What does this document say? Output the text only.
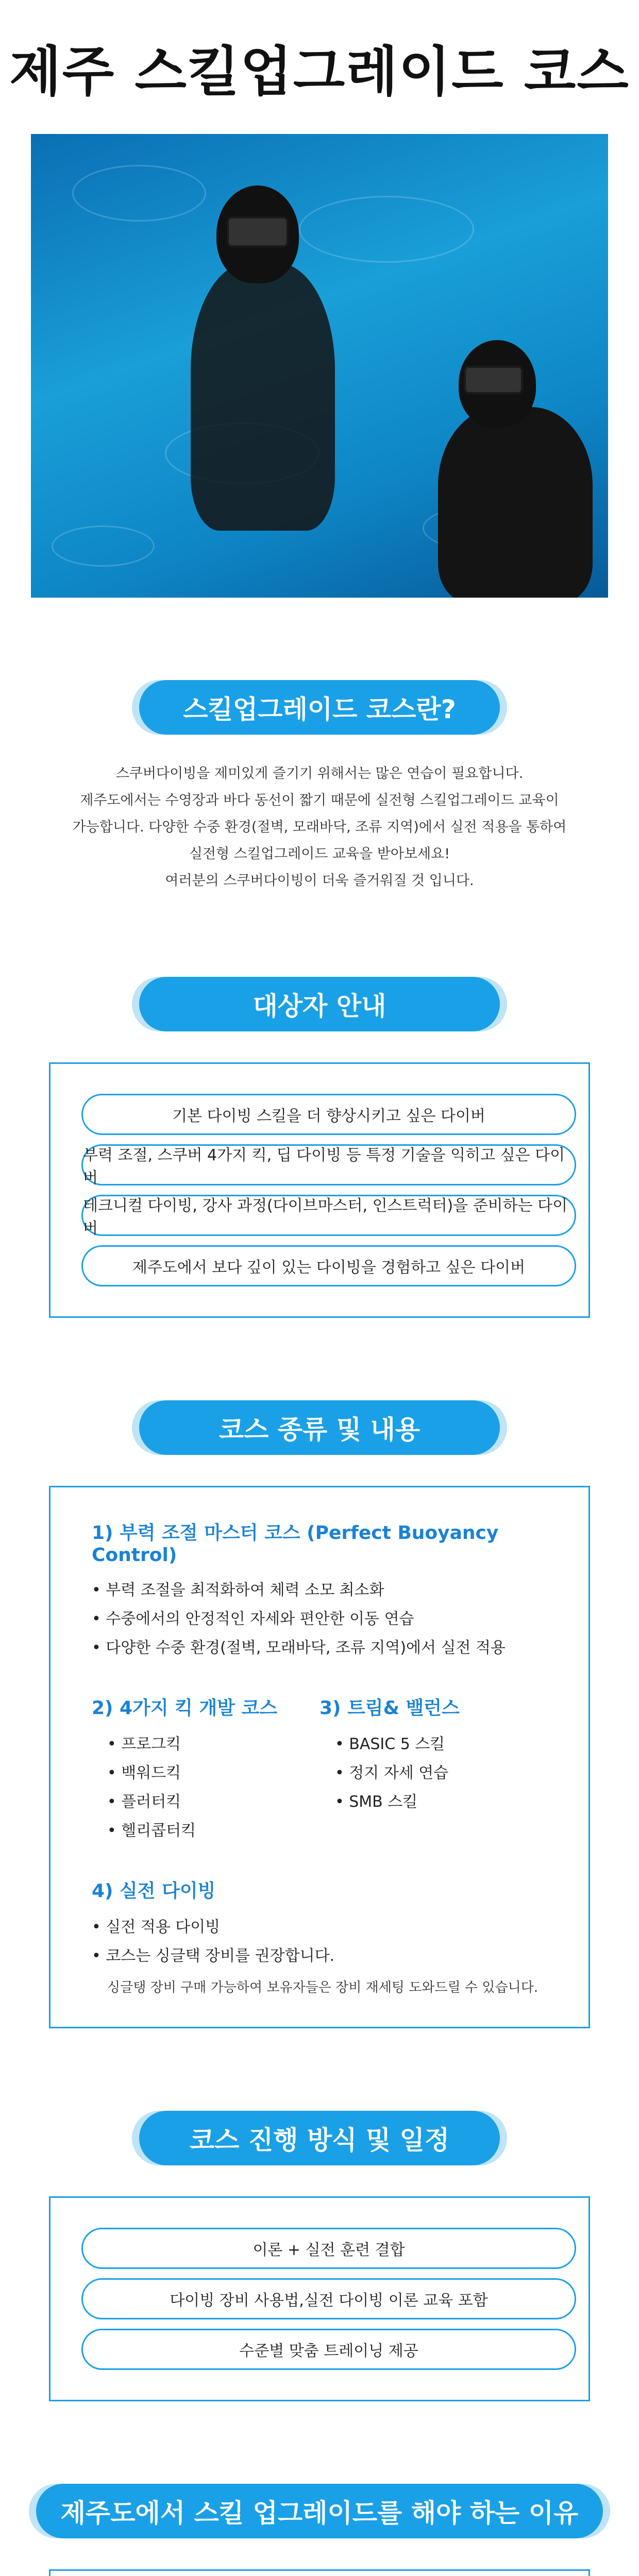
제주 스킬업그레이드 코스
스킬업그레이드 코스란?
스쿠버다이빙을 제미있게 즐기기 위해서는 많은 연습이 필요합니다.
제주도에서는 수영장과 바다 동선이 짧기 때문에 실전형 스킬업그레이드 교육이
가능합니다. 다양한 수중 환경(절벽, 모래바닥, 조류 지역)에서 실전 적용을 통하여
실전형 스킬업그레이드 교육을 받아보세요!
여러분의 스쿠버다이빙이 더욱 즐거워질 것 입니다.
대상자 안내
기본 다이빙 스킬을 더 향상시키고 싶은 다이버
부력 조절, 스쿠버 4가지 킥, 딥 다이빙 등 특정 기술을 익히고 싶은 다이버
테크니컬 다이빙, 강사 과정(다이브마스터, 인스트럭터)을 준비하는 다이버
제주도에서 보다 깊이 있는 다이빙을 경험하고 싶은 다이버
코스 종류 및 내용
1) 부력 조절 마스터 코스 (Perfect Buoyancy Control)
• 부력 조절을 최적화하여 체력 소모 최소화
• 수중에서의 안정적인 자세와 편안한 이동 연습
• 다양한 수중 환경(절벽, 모래바닥, 조류 지역)에서 실전 적용
2) 4가지 킥 개발 코스
• 프로그킥
• 백워드킥
• 플러터킥
• 헬리콥터킥
3) 트림& 밸런스
• BASIC 5 스킬
• 정지 자세 연습
• SMB 스킬
4) 실전 다이빙
• 실전 적용 다이빙
• 코스는 싱글택 장비를 권장합니다.
싱글탱 장비 구매 가능하여 보유자들은 장비 재세팅 도와드릴 수 있습니다.
코스 진행 방식 및 일정
이론 + 실전 훈련 결합
다이빙 장비 사용법,실전 다이빙 이론 교육 포함
수준별 맞춤 트레이닝 제공
제주도에서 스킬 업그레이드를 해야 하는 이유
